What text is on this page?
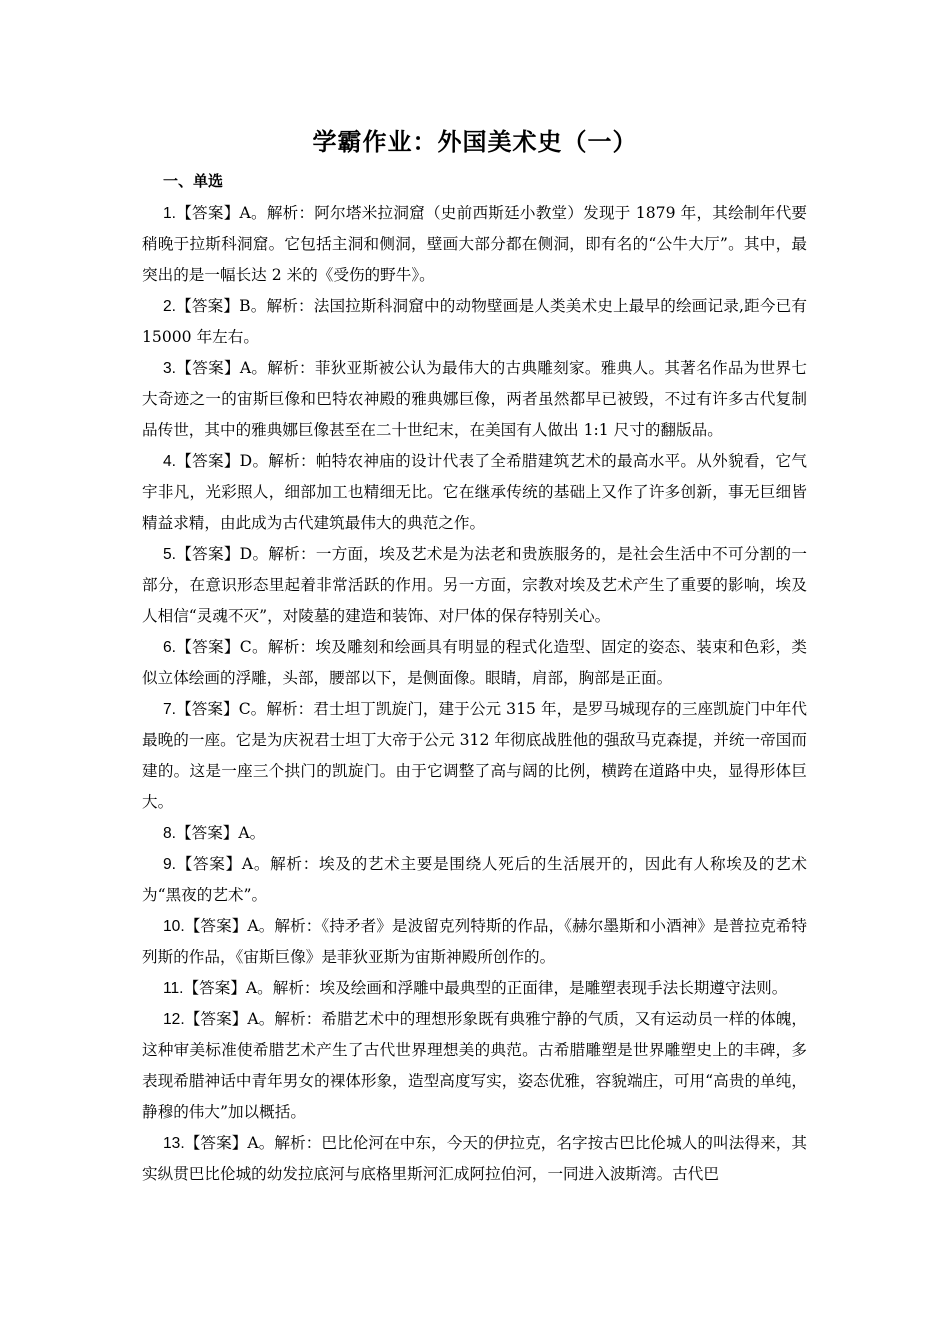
学霸作业：外国美术史（一）
一、单选

1.【答案】A。解析：阿尔塔米拉洞窟（史前西斯廷小教堂）发现于 1879 年，其绘制年代要稍晚于拉斯科洞窟。它包括主洞和侧洞，壁画大部分都在侧洞，即有名的“公牛大厅”。其中，最突出的是一幅长达 2 米的《受伤的野牛》。

2.【答案】B。解析：法国拉斯科洞窟中的动物壁画是人类美术史上最早的绘画记录,距今已有 15000 年左右。

3.【答案】A。解析：菲狄亚斯被公认为最伟大的古典雕刻家。雅典人。其著名作品为世界七大奇迹之一的宙斯巨像和巴特农神殿的雅典娜巨像，两者虽然都早已被毁，不过有许多古代复制品传世，其中的雅典娜巨像甚至在二十世纪末，在美国有人做出 1:1 尺寸的翻版品。

4.【答案】D。解析：帕特农神庙的设计代表了全希腊建筑艺术的最高水平。从外貌看，它气宇非凡，光彩照人，细部加工也精细无比。它在继承传统的基础上又作了许多创新，事无巨细皆精益求精，由此成为古代建筑最伟大的典范之作。

5.【答案】D。解析：一方面，埃及艺术是为法老和贵族服务的，是社会生活中不可分割的一部分，在意识形态里起着非常活跃的作用。另一方面，宗教对埃及艺术产生了重要的影响，埃及人相信“灵魂不灭”，对陵墓的建造和装饰、对尸体的保存特别关心。

6.【答案】C。解析：埃及雕刻和绘画具有明显的程式化造型、固定的姿态、装束和色彩，类似立体绘画的浮雕，头部，腰部以下，是侧面像。眼睛，肩部，胸部是正面。

7.【答案】C。解析：君士坦丁凯旋门，建于公元 315 年，是罗马城现存的三座凯旋门中年代最晚的一座。它是为庆祝君士坦丁大帝于公元 312 年彻底战胜他的强敌马克森提，并统一帝国而建的。这是一座三个拱门的凯旋门。由于它调整了高与阔的比例，横跨在道路中央，显得形体巨大。

8.【答案】A。

9.【答案】A。解析：埃及的艺术主要是围绕人死后的生活展开的，因此有人称埃及的艺术为“黑夜的艺术”。

10.【答案】A。解析：《持矛者》是波留克列特斯的作品，《赫尔墨斯和小酒神》是普拉克希特列斯的作品，《宙斯巨像》是菲狄亚斯为宙斯神殿所创作的。

11.【答案】A。解析：埃及绘画和浮雕中最典型的正面律，是雕塑表现手法长期遵守法则。

12.【答案】A。解析：希腊艺术中的理想形象既有典雅宁静的气质，又有运动员一样的体魄，这种审美标准使希腊艺术产生了古代世界理想美的典范。古希腊雕塑是世界雕塑史上的丰碑，多表现希腊神话中青年男女的裸体形象，造型高度写实，姿态优雅，容貌端庄，可用“高贵的单纯，静穆的伟大”加以概括。

13.【答案】A。解析：巴比伦河在中东，今天的伊拉克，名字按古巴比伦城人的叫法得来，其实纵贯巴比伦城的幼发拉底河与底格里斯河汇成阿拉伯河，一同进入波斯湾。古代巴
